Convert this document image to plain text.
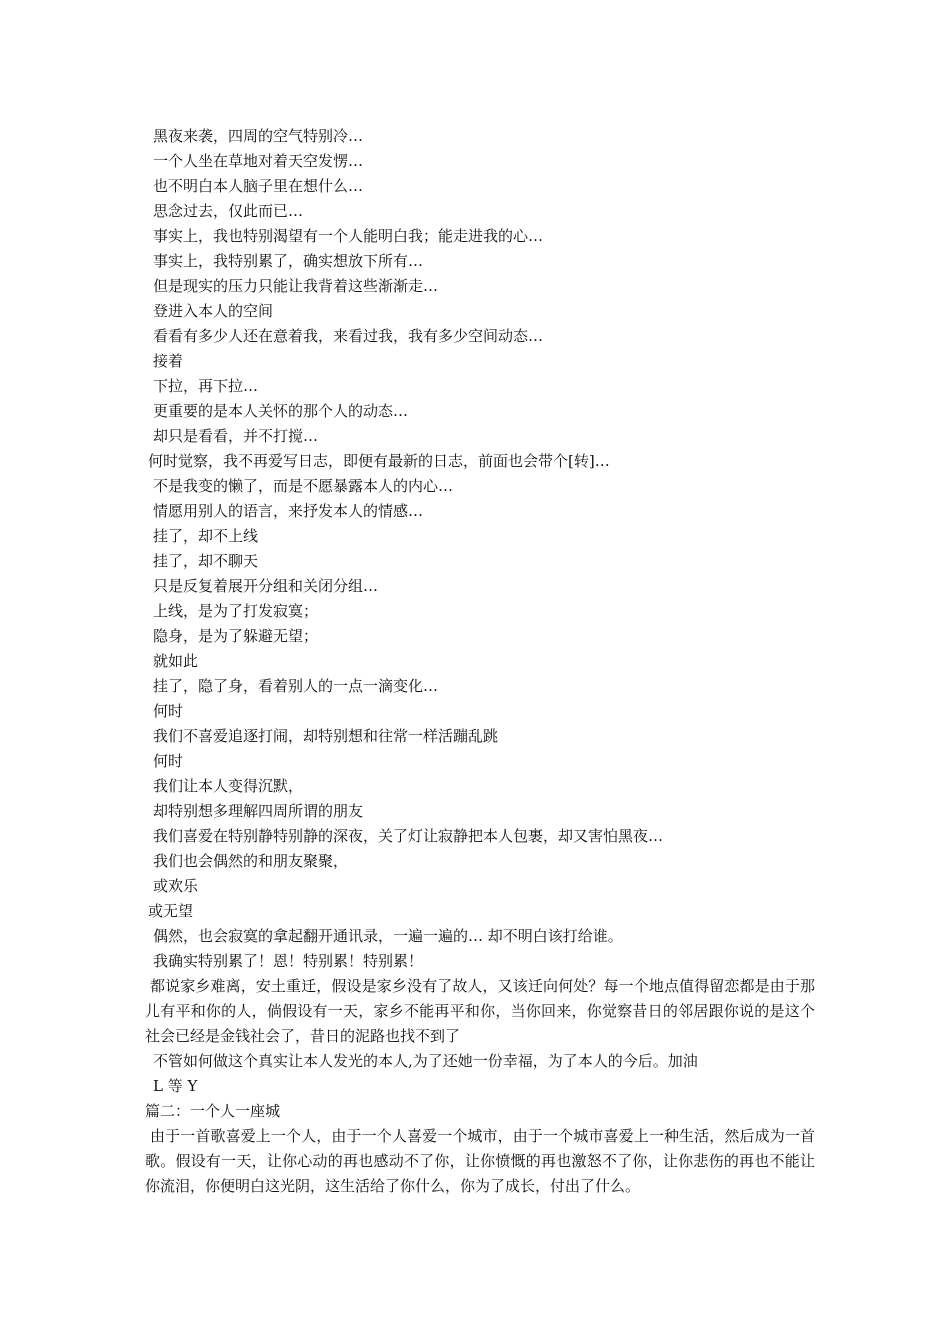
黑夜来袭，四周的空气特别冷…
一个人坐在草地对着天空发愣…
也不明白本人脑子里在想什么…
思念过去，仅此而已…
事实上，我也特别渴望有一个人能明白我；能走进我的心…
事实上，我特别累了，确实想放下所有…
但是现实的压力只能让我背着这些渐渐走…
登进入本人的空间
看看有多少人还在意着我，来看过我，我有多少空间动态…
接着
下拉，再下拉…
更重要的是本人关怀的那个人的动态…
却只是看看，并不打搅…
何时觉察，我不再爱写日志，即便有最新的日志，前面也会带个[转]…
不是我变的懒了，而是不愿暴露本人的内心…
情愿用别人的语言，来抒发本人的情感…
挂了，却不上线
挂了，却不聊天
只是反复着展开分组和关闭分组…
上线，是为了打发寂寞；
隐身，是为了躲避无望；
就如此
挂了，隐了身，看着别人的一点一滴变化…
何时
我们不喜爱追逐打闹，却特别想和往常一样活蹦乱跳
何时
我们让本人变得沉默，
却特别想多理解四周所谓的朋友
我们喜爱在特别静特别静的深夜，关了灯让寂静把本人包裹，却又害怕黑夜…
我们也会偶然的和朋友聚聚，
或欢乐
或无望
偶然，也会寂寞的拿起翻开通讯录，一遍一遍的… 却不明白该打给谁。
我确实特别累了！恩！特别累！特别累！

都说家乡难离，安土重迁，假设是家乡没有了故人，又该迁向何处？每一个地点值得留恋都是由于那儿有平和你的人，倘假设有一天，家乡不能再平和你，当你回来，你觉察昔日的邻居跟你说的是这个社会已经是金钱社会了，昔日的泥路也找不到了

不管如何做这个真实让本人发光的本人,为了还她一份幸福，为了本人的今后。加油
L 等 Y
篇二：一个人一座城

由于一首歌喜爱上一个人，由于一个人喜爱一个城市，由于一个城市喜爱上一种生活，然后成为一首歌。假设有一天，让你心动的再也感动不了你，让你愤慨的再也激怒不了你，让你悲伤的再也不能让你流泪，你便明白这光阴，这生活给了你什么，你为了成长，付出了什么。
